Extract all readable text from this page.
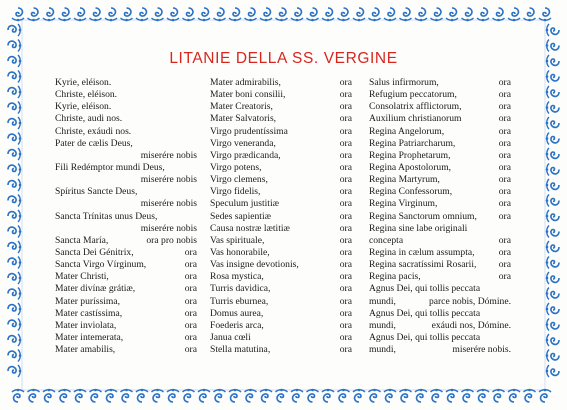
LITANIE DELLA SS. VERGINE
Kyrie, eléison.
Christe, eléison.
Kyrie, eléison.
Christe, audi nos.
Christe, exáudi nos.
Pater de cælis Deus,
miserére nobis
Fili Redémptor mundi Deus,
miserére nobis
Spíritus Sancte Deus,
miserére nobis
Sancta Trínitas unus Deus,
miserére nobis
Sancta María,	ora pro nobis
Sancta Dei Génitrix,	ora
Sancta Virgo Vírginum,	ora
Mater Christi,	ora
Mater divínæ grátiæ,	ora
Mater puríssima,	ora
Mater castíssima,	ora
Mater inviolata,	ora
Mater intemerata,	ora
Mater amabilis,	ora
Mater admirabilis,	ora
Mater boni consilii,	ora
Mater Creatoris,	ora
Mater Salvatoris,	ora
Virgo prudentíssima	ora
Virgo veneranda,	ora
Virgo prædicanda,	ora
Virgo potens,	ora
Virgo clemens,	ora
Virgo fidelis,	ora
Speculum justitiæ	ora
Sedes sapientiæ	ora
Causa nostræ lætitiæ	ora
Vas spirituale,	ora
Vas honorabile,	ora
Vas insigne devotionis,	ora
Rosa mystica,	ora
Turris davidica,	ora
Turris eburnea,	ora
Domus aurea,	ora
Foederis arca,	ora
Janua cœli	ora
Stella matutina,	ora
Salus infirmorum,	ora
Refugium peccatorum,	ora
Consolatrix afflictorum,	ora
Auxilium christianorum	ora
Regina Angelorum,	ora
Regina Patriarcharum,	ora
Regina Prophetarum,	ora
Regina Apostolorum,	ora
Regina Martyrum,	ora
Regina Confessorum,	ora
Regina Virginum,	ora
Regina Sanctorum omnium, ora
Regina sine labe originali
concepta	ora
Regina in cælum assumpta,	ora
Regina sacratíssimi Rosarii, ora
Regina pacis,	ora
Agnus Dei, qui tollis peccata
mundi,	parce nobis, Dómine.
Agnus Dei, qui tollis peccata
mundi,	exáudi nos, Dómine.
Agnus Dei, qui tollis peccata
mundi,	miserére nobis.
